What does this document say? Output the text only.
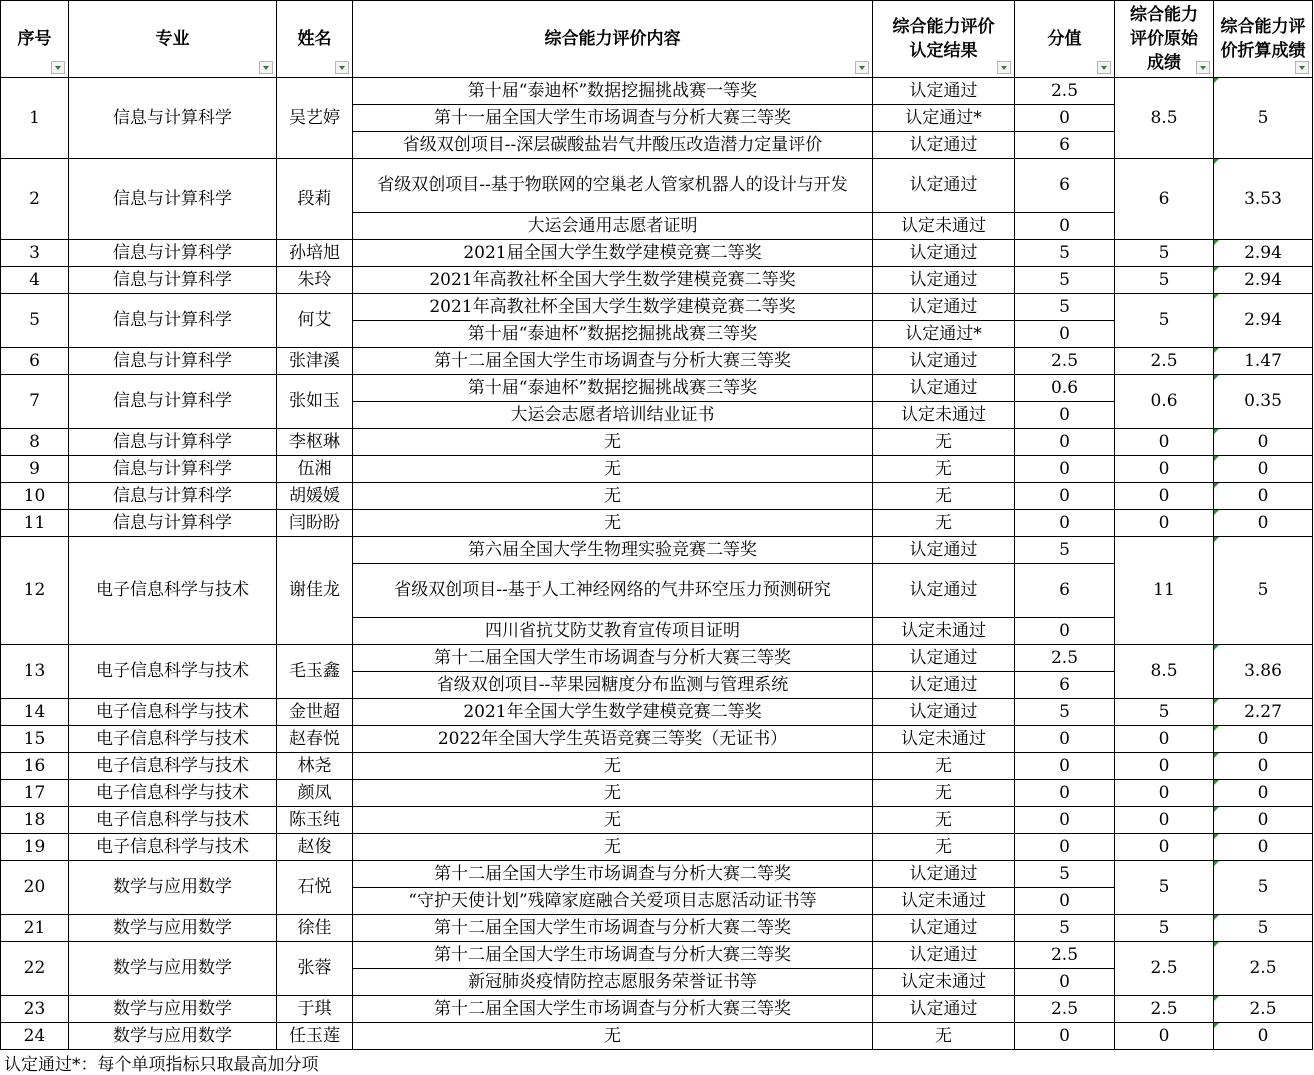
序号	专业	姓名	综合能力评价内容	综合能力评价认定结果	分值	综合能力评价原始成绩	综合能力评价折算成绩

1	信息与计算科学	吴艺婷	第十届“泰迪杯”数据挖掘挑战赛一等奖	认定通过	2.5	8.5	5
			第十一届全国大学生市场调查与分析大赛三等奖	认定通过*	0		
			省级双创项目--深层碳酸盐岩气井酸压改造潜力定量评价	认定通过	6		
2	信息与计算科学	段莉	省级双创项目--基于物联网的空巢老人管家机器人的设计与开发	认定通过	6	6	3.53
			大运会通用志愿者证明	认定未通过	0		
3	信息与计算科学	孙培旭	2021届全国大学生数学建模竞赛二等奖	认定通过	5	5	2.94
4	信息与计算科学	朱玲	2021年高教社杯全国大学生数学建模竞赛二等奖	认定通过	5	5	2.94
5	信息与计算科学	何艾	2021年高教社杯全国大学生数学建模竞赛二等奖	认定通过	5	5	2.94
			第十届“泰迪杯”数据挖掘挑战赛三等奖	认定通过*	0		
6	信息与计算科学	张津溪	第十二届全国大学生市场调查与分析大赛三等奖	认定通过	2.5	2.5	1.47
7	信息与计算科学	张如玉	第十届“泰迪杯”数据挖掘挑战赛三等奖	认定通过	0.6	0.6	0.35
			大运会志愿者培训结业证书	认定未通过	0		
8	信息与计算科学	李枢琳	无	无	0	0	0
9	信息与计算科学	伍湘	无	无	0	0	0
10	信息与计算科学	胡媛媛	无	无	0	0	0
11	信息与计算科学	闫盼盼	无	无	0	0	0
12	电子信息科学与技术	谢佳龙	第六届全国大学生物理实验竞赛二等奖	认定通过	5	11	5
			省级双创项目--基于人工神经网络的气井环空压力预测研究	认定通过	6		
			四川省抗艾防艾教育宣传项目证明	认定未通过	0		
13	电子信息科学与技术	毛玉鑫	第十二届全国大学生市场调查与分析大赛三等奖	认定通过	2.5	8.5	3.86
			省级双创项目--苹果园糖度分布监测与管理系统	认定通过	6		
14	电子信息科学与技术	金世超	2021年全国大学生数学建模竞赛二等奖	认定通过	5	5	2.27
15	电子信息科学与技术	赵春悦	2022年全国大学生英语竞赛三等奖（无证书）	认定未通过	0	0	0
16	电子信息科学与技术	林尧	无	无	0	0	0
17	电子信息科学与技术	颜凤	无	无	0	0	0
18	电子信息科学与技术	陈玉纯	无	无	0	0	0
19	电子信息科学与技术	赵俊	无	无	0	0	0
20	数学与应用数学	石悦	第十二届全国大学生市场调查与分析大赛二等奖	认定通过	5	5	5
			“守护天使计划”残障家庭融合关爱项目志愿活动证书等	认定未通过	0		
21	数学与应用数学	徐佳	第十二届全国大学生市场调查与分析大赛二等奖	认定通过	5	5	5
22	数学与应用数学	张蓉	第十二届全国大学生市场调查与分析大赛三等奖	认定通过	2.5	2.5	2.5
			新冠肺炎疫情防控志愿服务荣誉证书等	认定未通过	0		
23	数学与应用数学	于琪	第十二届全国大学生市场调查与分析大赛三等奖	认定通过	2.5	2.5	2.5
24	数学与应用数学	任玉莲	无	无	0	0	0
认定通过*：每个单项指标只取最高加分项
